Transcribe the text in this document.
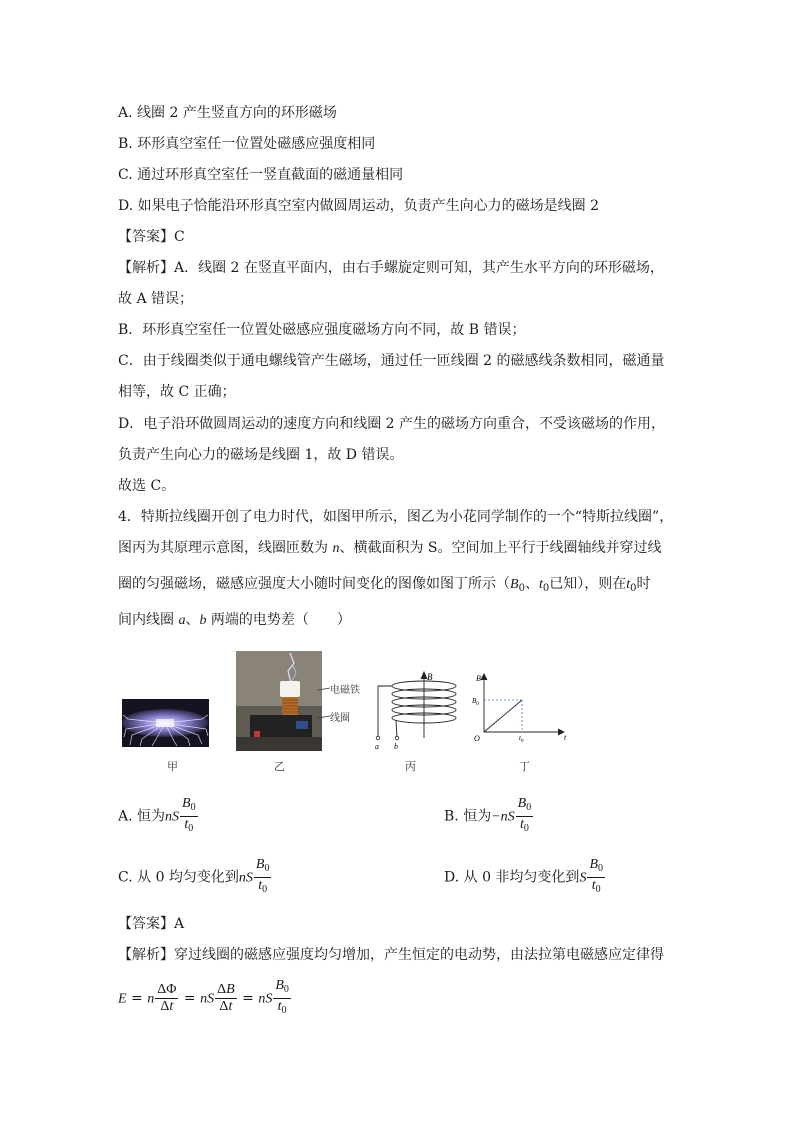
A. 线圈 2 产生竖直方向的环形磁场
B. 环形真空室任一位置处磁感应强度相同
C. 通过环形真空室任一竖直截面的磁通量相同
D. 如果电子恰能沿环形真空室内做圆周运动，负责产生向心力的磁场是线圈 2
【答案】C
【解析】A．线圈 2 在竖直平面内，由右手螺旋定则可知，其产生水平方向的环形磁场，
故 A 错误；
B．环形真空室任一位置处磁感应强度磁场方向不同，故 B 错误；
C．由于线圈类似于通电螺线管产生磁场，通过任一匝线圈 2 的磁感线条数相同，磁通量
相等，故 C 正确；
D．电子沿环做圆周运动的速度方向和线圈 2 产生的磁场方向重合，不受该磁场的作用，
负责产生向心力的磁场是线圈 1，故 D 错误。
故选 C。
4．特斯拉线圈开创了电力时代，如图甲所示，图乙为小花同学制作的一个“特斯拉线圈”，
图丙为其原理示意图，线圈匝数为 n、横截面积为 S。空间加上平行于线圈轴线并穿过线
圈的匀强磁场，磁感应强度大小随时间变化的图像如图丁所示（$B_0$、$t_0$已知），则在$t_0$时
间内线圈 a、b 两端的电势差（　　）
甲
电磁铁
线圈
乙
B
a b
丙
B
$B_0$
O	$t_0$	t
丁
A. 恒为nS $\frac{B_0}{t_0}$	B. 恒为$-nS \frac{B_0}{t_0}$
C. 从 0 均匀变化到nS $\frac{B_0}{t_0}$	D. 从 0 非均匀变化到S $\frac{B_0}{t_0}$
【答案】A
【解析】穿过线圈的磁感应强度均匀增加，产生恒定的电动势，由法拉第电磁感应定律得
E = n $\frac{\Delta\Phi}{\Delta t}$ = nS $\frac{\Delta B}{\Delta t}$ = nS $\frac{B_0}{t_0}$
